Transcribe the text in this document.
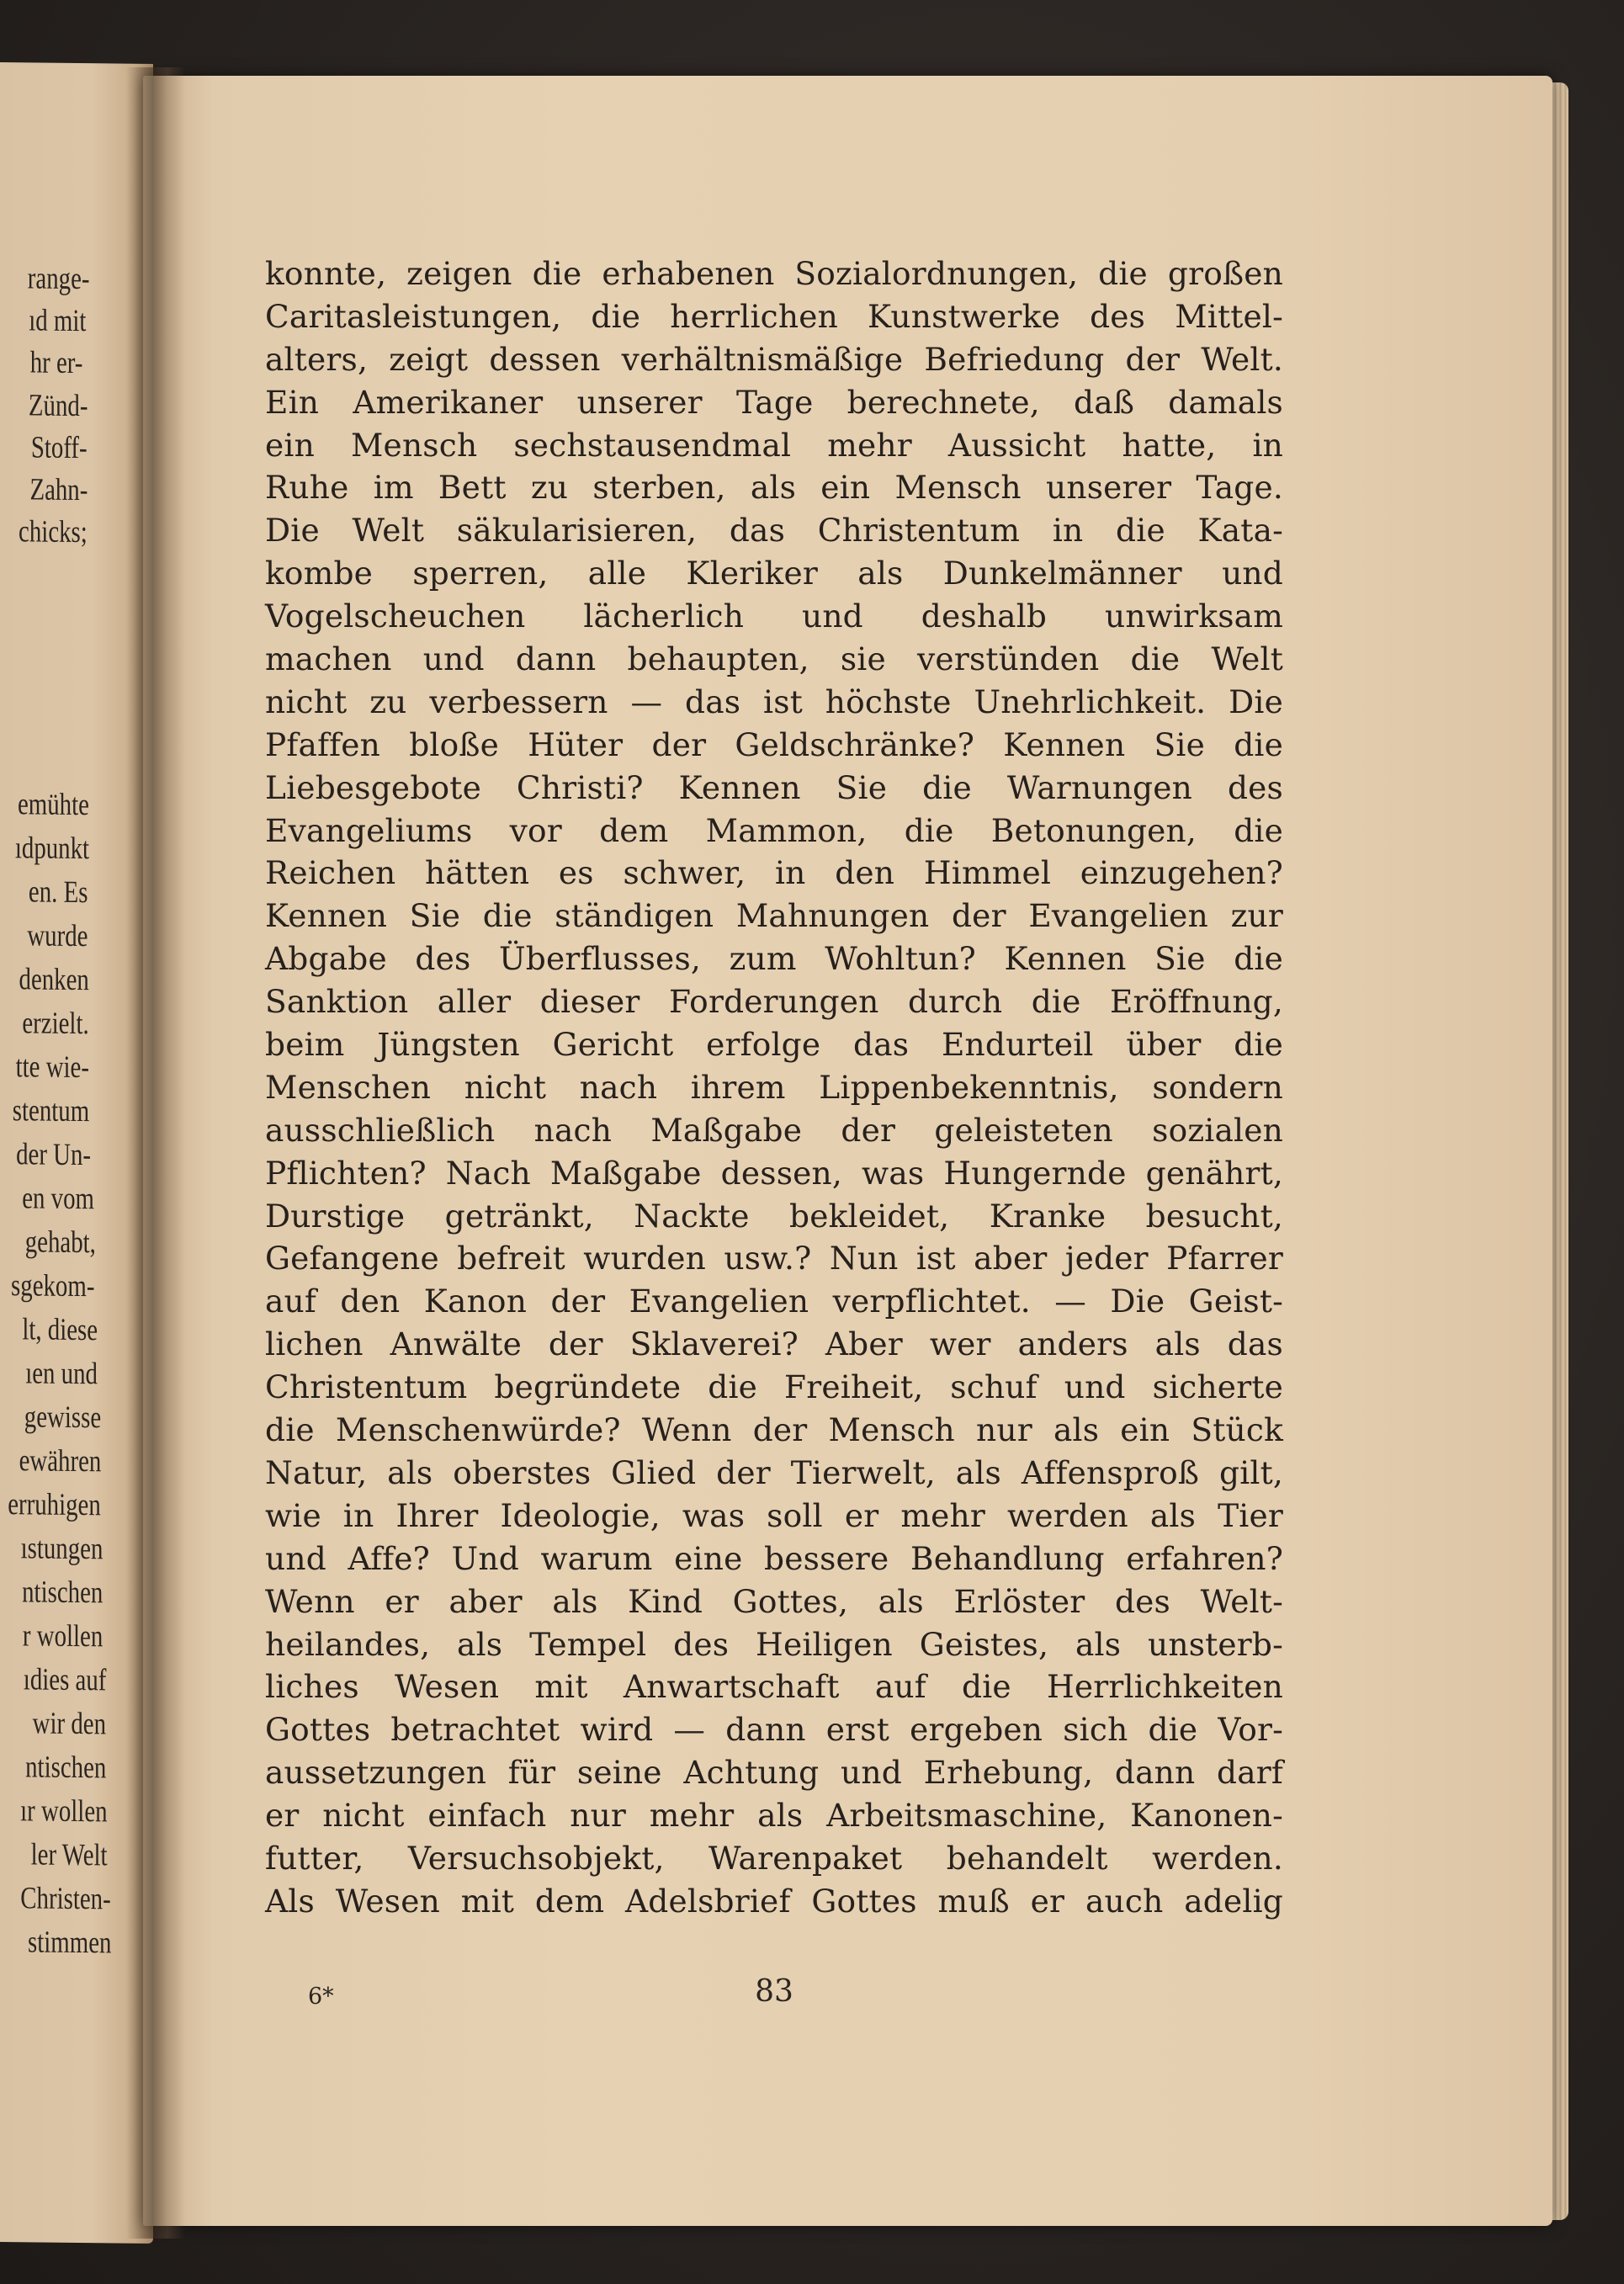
range-
ıd mit
hr er-
Zünd-
Stoff-
Zahn-
chicks;
emühte
ıdpunkt
en. Es
wurde
denken
erzielt.
tte wie-
stentum
der Un-
en vom
gehabt,
sgekom-
lt, diese
ıen und
gewisse
ewähren
erruhigen
ıstungen
ntischen
r wollen
ıdies auf
wir den
ntischen
ır wollen
ler Welt
Christen-
stimmen
konnte, zeigen die erhabenen Sozialordnungen, die großen
Caritasleistungen, die herrlichen Kunstwerke des Mittel-
alters, zeigt dessen verhältnismäßige Befriedung der Welt.
Ein Amerikaner unserer Tage berechnete, daß damals
ein Mensch sechstausendmal mehr Aussicht hatte, in
Ruhe im Bett zu sterben, als ein Mensch unserer Tage.
Die Welt säkularisieren, das Christentum in die Kata-
kombe sperren, alle Kleriker als Dunkelmänner und
Vogelscheuchen lächerlich und deshalb unwirksam
machen und dann behaupten, sie verstünden die Welt
nicht zu verbessern — das ist höchste Unehrlichkeit. Die
Pfaffen bloße Hüter der Geldschränke? Kennen Sie die
Liebesgebote Christi? Kennen Sie die Warnungen des
Evangeliums vor dem Mammon, die Betonungen, die
Reichen hätten es schwer, in den Himmel einzugehen?
Kennen Sie die ständigen Mahnungen der Evangelien zur
Abgabe des Überflusses, zum Wohltun? Kennen Sie die
Sanktion aller dieser Forderungen durch die Eröffnung,
beim Jüngsten Gericht erfolge das Endurteil über die
Menschen nicht nach ihrem Lippenbekenntnis, sondern
ausschließlich nach Maßgabe der geleisteten sozialen
Pflichten? Nach Maßgabe dessen, was Hungernde genährt,
Durstige getränkt, Nackte bekleidet, Kranke besucht,
Gefangene befreit wurden usw.? Nun ist aber jeder Pfarrer
auf den Kanon der Evangelien verpflichtet. — Die Geist-
lichen Anwälte der Sklaverei? Aber wer anders als das
Christentum begründete die Freiheit, schuf und sicherte
die Menschenwürde? Wenn der Mensch nur als ein Stück
Natur, als oberstes Glied der Tierwelt, als Affensproß gilt,
wie in Ihrer Ideologie, was soll er mehr werden als Tier
und Affe? Und warum eine bessere Behandlung erfahren?
Wenn er aber als Kind Gottes, als Erlöster des Welt-
heilandes, als Tempel des Heiligen Geistes, als unsterb-
liches Wesen mit Anwartschaft auf die Herrlichkeiten
Gottes betrachtet wird — dann erst ergeben sich die Vor-
aussetzungen für seine Achtung und Erhebung, dann darf
er nicht einfach nur mehr als Arbeitsmaschine, Kanonen-
futter, Versuchsobjekt, Warenpaket behandelt werden.
Als Wesen mit dem Adelsbrief Gottes muß er auch adelig
6*	83
